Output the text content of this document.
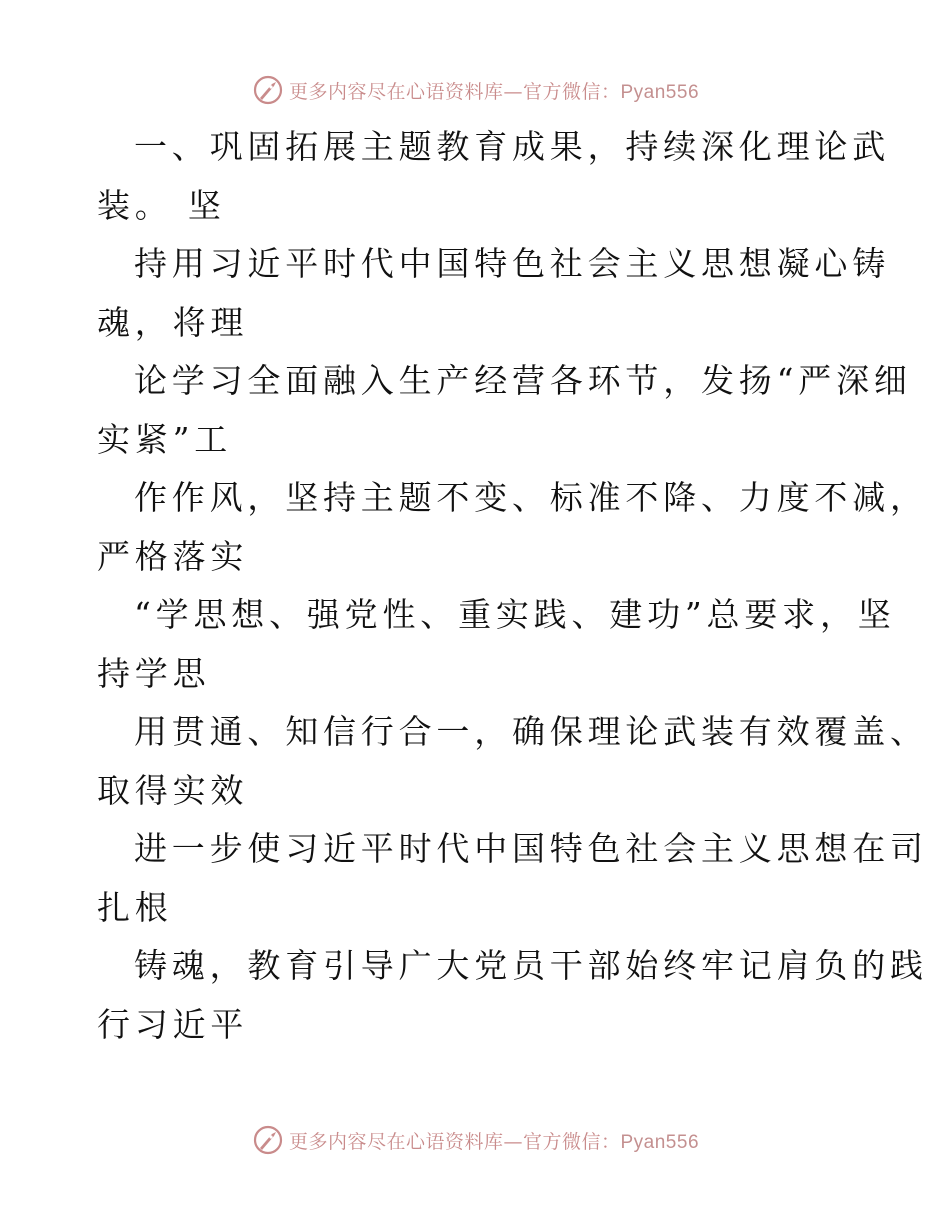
更多内容尽在心语资料库—官方微信：Pyan556
一、巩固拓展主题教育成果，持续深化理论武
装。 坚
持用习近平时代中国特色社会主义思想凝心铸
魂，将理
论学习全面融入生产经营各环节，发扬“严深细
实紧”工
作作风，坚持主题不变、标准不降、力度不减，
严格落实
“学思想、强党性、重实践、建功”总要求，坚
持学思
用贯通、知信行合一，确保理论武装有效覆盖、
取得实效
进一步使习近平时代中国特色社会主义思想在司
扎根
铸魂，教育引导广大党员干部始终牢记肩负的践
行习近平
更多内容尽在心语资料库—官方微信：Pyan556
